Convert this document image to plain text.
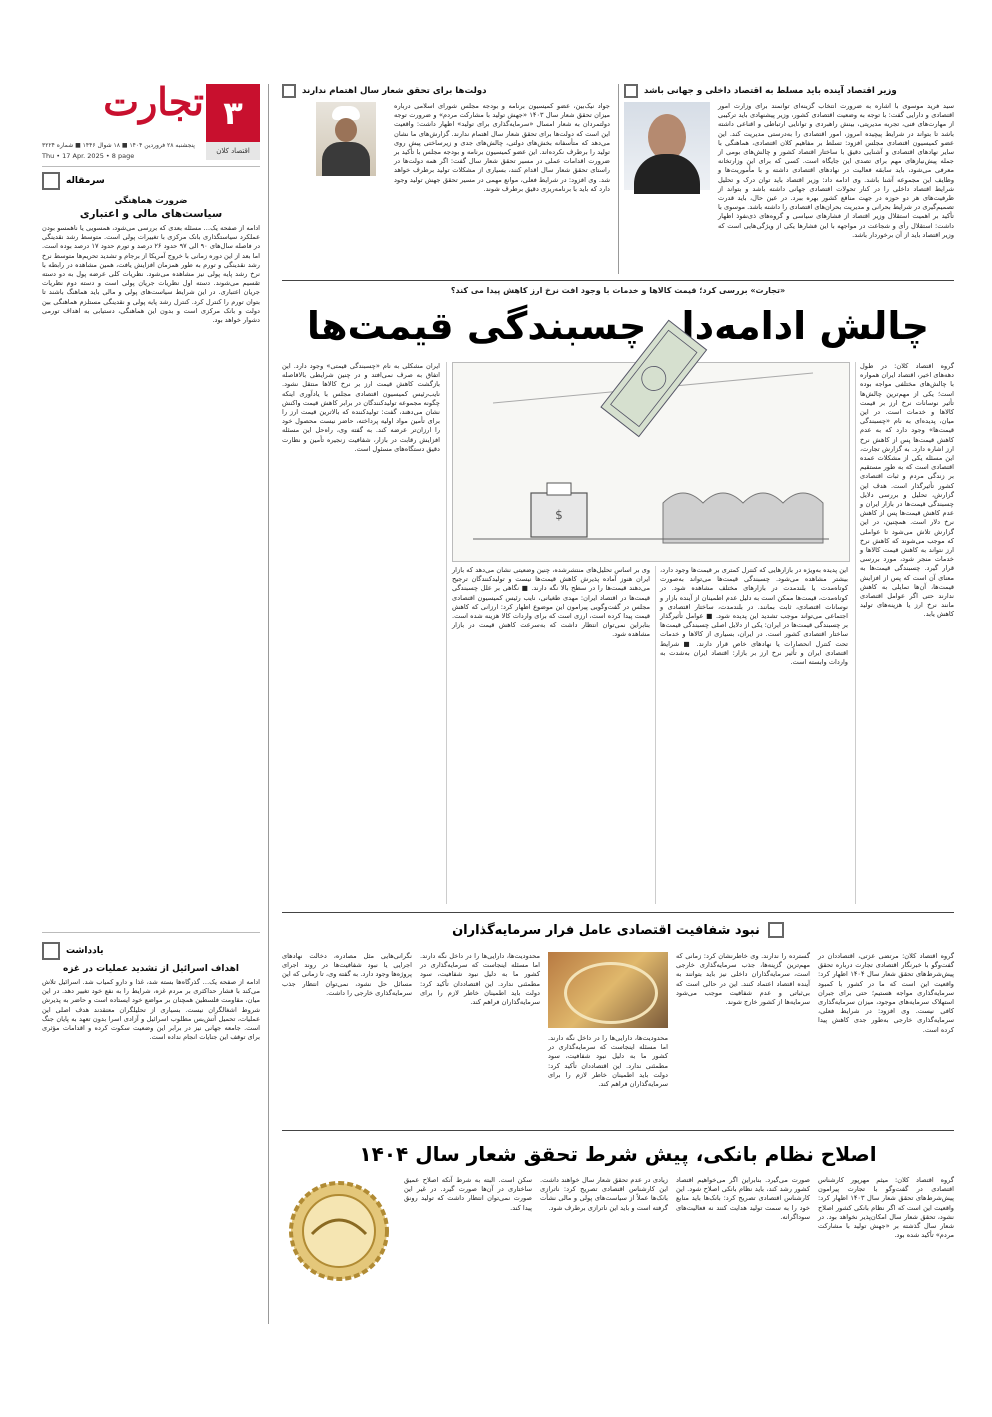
۳
اقتصاد کلان
تجارت
پنجشنبه ۲۸ فروردین ۱۴۰۴ ■ ۱۸ شوال ۱۴۴۶ ■ شماره ۳۲۲۴
Thu • 17 Apr. 2025 • 8 page
سرمقاله
ضرورت هماهنگی
سیاست‌های مالی و اعتباری
ادامه از صفحه یک… مسئله بعدی که بررسی می‌شود، همسویی یا ناهمسو بودن عملکرد سیاستگذاری بانک مرکزی با تغییرات پولی است. متوسط رشد نقدینگی در فاصله سال‌های ۹۰ الی ۹۷ حدود ۲۶ درصد و تورم حدود ۱۷ درصد بوده است. اما بعد از این دوره زمانی با خروج آمریکا از برجام و تشدید تحریم‌ها متوسط نرخ رشد نقدینگی و تورم به طور همزمان افزایش یافت، همین مشاهده در رابطه با نرخ رشد پایه پولی نیز مشاهده می‌شود. نظریات کلی عرضه پول به دو دسته تقسیم می‌شوند. دسته اول نظریات جریان پولی است و دسته دوم نظریات جریان اعتباری. در این شرایط سیاست‌های پولی و مالی باید هماهنگ باشند تا بتوان تورم را کنترل کرد. کنترل رشد پایه پولی و نقدینگی مستلزم هماهنگی بین دولت و بانک مرکزی است و بدون این هماهنگی، دستیابی به اهداف تورمی دشوار خواهد بود.
یادداشت
اهداف اسرائیل از تشدید عملیات در غزه
ادامه از صفحه یک… گذرگاه‌ها بسته شد، غذا و دارو کمیاب شد. اسرائیل تلاش می‌کند با فشار حداکثری بر مردم غزه، شرایط را به نفع خود تغییر دهد. در این میان، مقاومت فلسطین همچنان بر مواضع خود ایستاده است و حاضر به پذیرش شروط اشغالگران نیست. بسیاری از تحلیلگران معتقدند هدف اصلی این عملیات، تحمیل آتش‌بس مطلوب اسرائیل و آزادی اسرا بدون تعهد به پایان جنگ است. جامعه جهانی نیز در برابر این وضعیت سکوت کرده و اقدامات مؤثری برای توقف این جنایات انجام نداده است.
وزیر اقتصاد آینده باید مسلط به اقتصاد داخلی و جهانی باشد
سید فرید موسوی با اشاره به ضرورت انتخاب گزینه‌ای توانمند برای وزارت امور اقتصادی و دارایی گفت: با توجه به وضعیت اقتصادی کشور، وزیر پیشنهادی باید ترکیبی از مهارت‌های فنی، تجربه مدیریتی، بینش راهبردی و توانایی ارتباطی و اقناعی داشته باشد تا بتواند در شرایط پیچیده امروز، امور اقتصادی را به‌درستی مدیریت کند. این عضو کمیسیون اقتصادی مجلس افزود: تسلط بر مفاهیم کلان اقتصادی، هماهنگی با سایر نهادهای اقتصادی و آشنایی دقیق با ساختار اقتصاد کشور و چالش‌های بومی از جمله پیش‌نیازهای مهم برای تصدی این جایگاه است. کسی که برای این وزارتخانه معرفی می‌شود، باید سابقه فعالیت در نهادهای اقتصادی داشته و با مأموریت‌ها و وظایف این مجموعه آشنا باشد. وی ادامه داد: وزیر اقتصاد باید توان درک و تحلیل شرایط اقتصاد داخلی را در کنار تحولات اقتصادی جهانی داشته باشد و بتواند از ظرفیت‌های هر دو حوزه در جهت منافع کشور بهره ببرد. در عین حال، باید قدرت تصمیم‌گیری در شرایط بحرانی و مدیریت بحران‌های اقتصادی را داشته باشد. موسوی با تأکید بر اهمیت استقلال وزیر اقتصاد از فشارهای سیاسی و گروه‌های ذی‌نفوذ اظهار داشت: استقلال رأی و شجاعت در مواجهه با این فشارها یکی از ویژگی‌هایی است که وزیر اقتصاد باید از آن برخوردار باشد.
دولت‌ها برای تحقق شعار سال اهتمام ندارند
جواد نیک‌بین، عضو کمیسیون برنامه و بودجه مجلس شورای اسلامی درباره میزان تحقق شعار سال ۱۴۰۳ «جهش تولید با مشارکت مردم» و ضرورت توجه دولتمردان به شعار امسال «سرمایه‌گذاری برای تولید» اظهار داشت: واقعیت این است که دولت‌ها برای تحقق شعار سال اهتمام ندارند. گزارش‌های ما نشان می‌دهد که متأسفانه بخش‌های دولتی، چالش‌های جدی و زیرساختی پیش روی تولید را برطرف نکرده‌اند. این عضو کمیسیون برنامه و بودجه مجلس با تأکید بر ضرورت اقدامات عملی در مسیر تحقق شعار سال گفت: اگر همه دولت‌ها در راستای تحقق شعار سال اقدام کنند، بسیاری از مشکلات تولید برطرف خواهد شد. وی افزود: در شرایط فعلی، موانع مهمی در مسیر تحقق جهش تولید وجود دارد که باید با برنامه‌ریزی دقیق برطرف شوند.
«تجارت» بررسی کرد؛ قیمت کالاها و خدمات با وجود افت نرخ ارز کاهش پیدا می کند؟
چالش ادامه‌دار چسبندگی قیمت‌ها
گروه اقتصاد کلان: در طول دهه‌های اخیر، اقتصاد ایران همواره با چالش‌های مختلفی مواجه بوده است؛ یکی از مهم‌ترین چالش‌ها تأثیر نوسانات نرخ ارز بر قیمت کالاها و خدمات است. در این میان، پدیده‌ای به نام «چسبندگی قیمت‌ها» وجود دارد که به عدم کاهش قیمت‌ها پس از کاهش نرخ ارز اشاره دارد. به گزارش تجارت، این مسئله یکی از مشکلات عمده اقتصادی است که به طور مستقیم بر زندگی مردم و ثبات اقتصادی کشور تأثیرگذار است. هدف این گزارش، تحلیل و بررسی دلایل چسبندگی قیمت‌ها در بازار ایران و عدم کاهش قیمت‌ها پس از کاهش نرخ دلار است. همچنین، در این گزارش تلاش می‌شود تا عواملی که موجب می‌شوند که کاهش نرخ ارز نتواند به کاهش قیمت کالاها و خدمات منجر شود، مورد بررسی قرار گیرد. چسبندگی قیمت‌ها به معنای آن است که پس از افزایش قیمت‌ها، آن‌ها تمایلی به کاهش ندارند حتی اگر عوامل اقتصادی مانند نرخ ارز یا هزینه‌های تولید کاهش یابد.
$
این پدیده به‌ویژه در بازارهایی که کنترل کمتری بر قیمت‌ها وجود دارد، بیشتر مشاهده می‌شود. چسبندگی قیمت‌ها می‌تواند به‌صورت کوتاه‌مدت یا بلندمدت در بازارهای مختلف مشاهده شود. در کوتاه‌مدت، قیمت‌ها ممکن است به دلیل عدم اطمینان از آینده بازار و نوسانات اقتصادی، ثابت بمانند. در بلندمدت، ساختار اقتصادی و اجتماعی می‌تواند موجب تشدید این پدیده شود. ■ عوامل تأثیرگذار بر چسبندگی قیمت‌ها در ایران: یکی از دلایل اصلی چسبندگی قیمت‌ها ساختار اقتصادی کشور است. در ایران، بسیاری از کالاها و خدمات تحت کنترل انحصارات یا نهادهای خاص قرار دارند. ■ شرایط اقتصادی ایران و تأثیر نرخ ارز بر بازار: اقتصاد ایران به‌شدت به واردات وابسته است.
وی بر اساس تحلیل‌های منتشرشده، چنین وضعیتی نشان می‌دهد که بازار ایران هنوز آماده پذیرش کاهش قیمت‌ها نیست و تولیدکنندگان ترجیح می‌دهند قیمت‌ها را در سطح بالا نگه دارند. ■ نگاهی بر علل چسبندگی قیمت‌ها در اقتصاد ایران: مهدی طغیانی، نایب رئیس کمیسیون اقتصادی مجلس در گفت‌وگویی پیرامون این موضوع اظهار کرد: ارزانی که کاهش قیمت پیدا کرده است، ارزی است که برای واردات کالا هزینه شده است. بنابراین نمی‌توان انتظار داشت که به‌سرعت کاهش قیمت در بازار مشاهده شود.
ایران مشکلی به نام «چسبندگی قیمتی» وجود دارد. این اتفاق به صرف نمی‌افتد و در چنین شرایطی بالافاصله بازگشت کاهش قیمت ارز بر نرخ کالاها منتقل نشود. نایب‌رئیس کمیسیون اقتصادی مجلس با یادآوری اینکه چگونه مجموعه تولیدکنندگان در برابر کاهش قیمت واکنش نشان می‌دهند، گفت: تولیدکننده که بالاترین قیمت ارز را برای تأمین مواد اولیه پرداخته، حاضر نیست محصول خود را ارزان‌تر عرضه کند. به گفته وی، راه‌حل این مسئله افزایش رقابت در بازار، شفافیت زنجیره تأمین و نظارت دقیق دستگاه‌های مسئول است.
نبود شفافیت اقتصادی عامل فرار سرمایه‌گذاران
گروه اقتصاد کلان: مرتضی عزتی، اقتصاددان در گفت‌وگو با خبرنگار اقتصادی تجارت درباره تحقق پیش‌شرط‌های تحقق شعار سال ۱۴۰۴ اظهار کرد: واقعیت این است که ما در کشور با کمبود سرمایه‌گذاری مواجه هستیم؛ حتی برای جبران استهلاک سرمایه‌های موجود، میزان سرمایه‌گذاری کافی نیست. وی افزود: در شرایط فعلی، سرمایه‌گذاری خارجی به‌طور جدی کاهش پیدا کرده است.
گسترده را ندارند. وی خاطرنشان کرد: زمانی که مهم‌ترین گزینه‌ها، جذب سرمایه‌گذاری خارجی است، سرمایه‌گذاران داخلی نیز باید بتوانند به آینده اقتصاد اعتماد کنند. این در حالی است که بی‌ثباتی و عدم شفافیت موجب می‌شود سرمایه‌ها از کشور خارج شوند.
محدودیت‌ها، دارایی‌ها را در داخل نگه دارند. اما مسئله اینجاست که سرمایه‌گذاری در کشور ما به دلیل نبود شفافیت، سود مطمئنی ندارد. این اقتصاددان تأکید کرد: دولت باید اطمینان خاطر لازم را برای سرمایه‌گذاران فراهم کند.
محدودیت‌ها، دارایی‌ها را در داخل نگه دارند. اما مسئله اینجاست که سرمایه‌گذاری در کشور ما به دلیل نبود شفافیت، سود مطمئنی ندارد. این اقتصاددان تأکید کرد: دولت باید اطمینان خاطر لازم را برای سرمایه‌گذاران فراهم کند.
نگرانی‌هایی مثل مصادره، دخالت نهادهای اجرایی یا نبود شفافیت‌ها در روند اجرای پروژه‌ها وجود دارد. به گفته وی، تا زمانی که این مسائل حل نشود، نمی‌توان انتظار جذب سرمایه‌گذاری خارجی را داشت.
اصلاح نظام بانکی، پیش شرط تحقق شعار سال ۱۴۰۴
گروه اقتصاد کلان: میثم مهرپور کارشناس اقتصادی در گفت‌وگو با تجارت پیرامون پیش‌شرط‌های تحقق شعار سال ۱۴۰۳ اظهار کرد: واقعیت این است که اگر نظام بانکی کشور اصلاح نشود، تحقق شعار سال امکان‌پذیر نخواهد بود. در شعار سال گذشته بر «جهش تولید با مشارکت مردم» تأکید شده بود.
صورت می‌گیرد. بنابراین اگر می‌خواهیم اقتصاد کشور رشد کند، باید نظام بانکی اصلاح شود. این کارشناس اقتصادی تصریح کرد: بانک‌ها باید منابع خود را به سمت تولید هدایت کنند نه فعالیت‌های سوداگرانه.
زیادی در عدم تحقق شعار سال خواهند داشت. این کارشناس اقتصادی تصریح کرد: ناترازی بانک‌ها عملاً از سیاست‌های پولی و مالی نشأت گرفته است و باید این ناترازی برطرف شود.
سکن است. البته به شرط آنکه اصلاح عمیق ساختاری در آن‌ها صورت گیرد. در غیر این صورت نمی‌توان انتظار داشت که تولید رونق پیدا کند.
